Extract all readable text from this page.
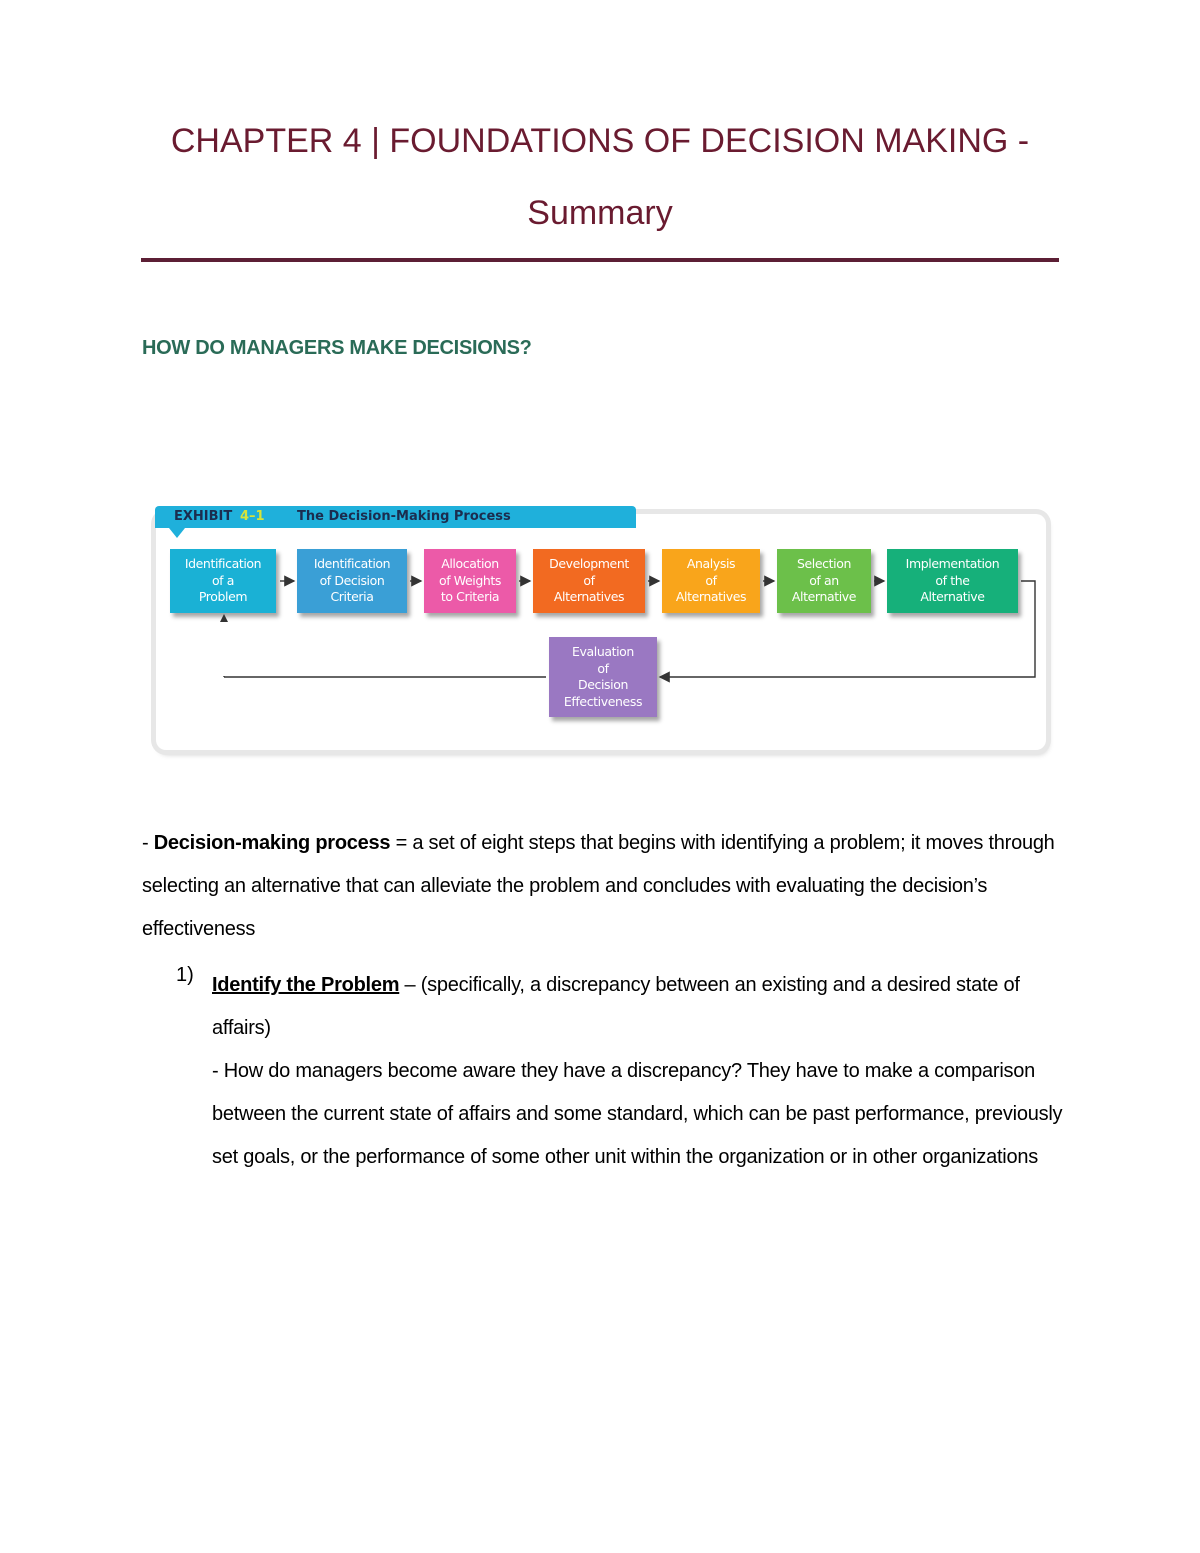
CHAPTER 4 | FOUNDATIONS OF DECISION MAKING -
Summary
HOW DO MANAGERS MAKE DECISIONS?
EXHIBIT 4–1 The Decision-Making Process
Identification
of a
Problem
Identification
of Decision
Criteria
Allocation
of Weights
to Criteria
Development
of
Alternatives
Analysis
of
Alternatives
Selection
of an
Alternative
Implementation
of the
Alternative
Evaluation
of
Decision
Effectiveness
- Decision-making process = a set of eight steps that begins with identifying a problem; it moves through selecting an alternative that can alleviate the problem and concludes with evaluating the decision’s effectiveness
1) Identify the Problem – (specifically, a discrepancy between an existing and a desired state of affairs)
- How do managers become aware they have a discrepancy? They have to make a comparison between the current state of affairs and some standard, which can be past performance, previously set goals, or the performance of some other unit within the organization or in other organizations
